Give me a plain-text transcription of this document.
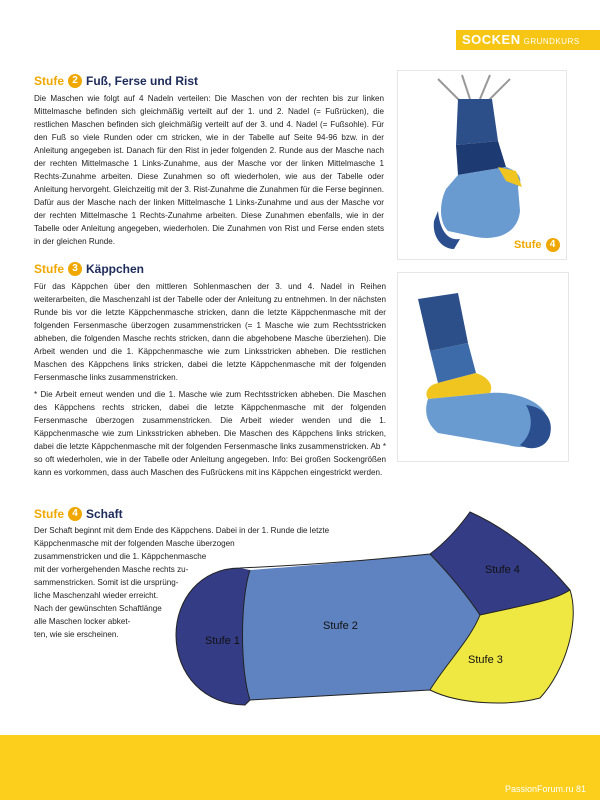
SOCKEN GRUNDKURS
Stufe 2 Fuß, Ferse und Rist
Die Maschen wie folgt auf 4 Nadeln verteilen: Die Maschen von der rechten bis zur linken Mittelmasche befinden sich gleichmäßig verteilt auf der 1. und 2. Nadel (= Fußrücken), die restlichen Maschen befinden sich gleichmäßig verteilt auf der 3. und 4. Nadel (= Fußsohle). Für den Fuß so viele Runden oder cm stricken, wie in der Tabelle auf Seite 94-96 bzw. in der Anleitung angegeben ist. Danach für den Rist in jeder folgenden 2. Runde aus der Masche nach der rechten Mittelmasche 1 Links-Zunahme, aus der Masche vor der linken Mittelmasche 1 Rechts-Zunahme arbeiten. Diese Zunahmen so oft wiederholen, wie aus der Tabelle oder Anleitung hervorgeht. Gleichzeitig mit der 3. Rist-Zunahme die Zunahmen für die Ferse beginnen. Dafür aus der Masche nach der linken Mittelmasche 1 Links-Zunahme und aus der Masche vor der rechten Mittelmasche 1 Rechts-Zunahme arbeiten. Diese Zunahmen ebenfalls, wie in der Tabelle oder Anleitung angegeben, wiederholen. Die Zunahmen von Rist und Ferse enden stets in der gleichen Runde.	Stufe 4
Stufe 3 Käppchen
Für das Käppchen über den mittleren Sohlenmaschen der 3. und 4. Nadel in Reihen weiterarbeiten, die Maschenzahl ist der Tabelle oder der Anleitung zu entnehmen. In der nächsten Runde bis vor die letzte Käppchenmasche stricken, dann die letzte Käppchenmasche mit der folgenden Fersenmasche überzogen zusammenstricken (= 1 Masche wie zum Rechtsstricken abheben, die folgenden Masche rechts stricken, dann die abgehobene Masche überziehen). Die Arbeit wenden und die 1. Käppchenmasche wie zum Linksstricken abheben. Die restlichen Maschen des Käppchens links stricken, dabei die letzte Käppchenmasche mit der folgenden Fersenmasche links zusammenstricken.
* Die Arbeit erneut wenden und die 1. Masche wie zum Rechtsstricken abheben. Die Maschen des Käppchens rechts stricken, dabei die letzte Käppchenmasche mit der folgenden Fersenmasche überzogen zusammenstricken. Die Arbeit wieder wenden und die 1. Käppchenmasche wie zum Linksstricken abheben. Die Maschen des Käppchens links stricken, dabei die letzte Käppchenmasche mit der folgenden Fersenmasche links zusammenstricken. Ab * so oft wiederholen, wie in der Tabelle oder Anleitung angegeben. Info: Bei großen Sockengrößen kann es vorkommen, dass auch Maschen des Fußrückens mit ins Käppchen eingestrickt werden.
Stufe 4 Schaft
Der Schaft beginnt mit dem Ende des Käppchens. Dabei in der 1. Runde die letzte
Käppchenmasche mit der folgenden Masche überzogen
zusammenstricken und die 1. Käppchenmasche
mit der vorhergehenden Masche rechts zu-
sammenstricken. Somit ist die ursprüng-
liche Maschenzahl wieder erreicht.
Nach der gewünschten Schaftlänge
alle Maschen locker abket-
ten, wie sie erscheinen.
Stufe 1
Stufe 2
Stufe 3
Stufe 4
PassionForum.ru 81
